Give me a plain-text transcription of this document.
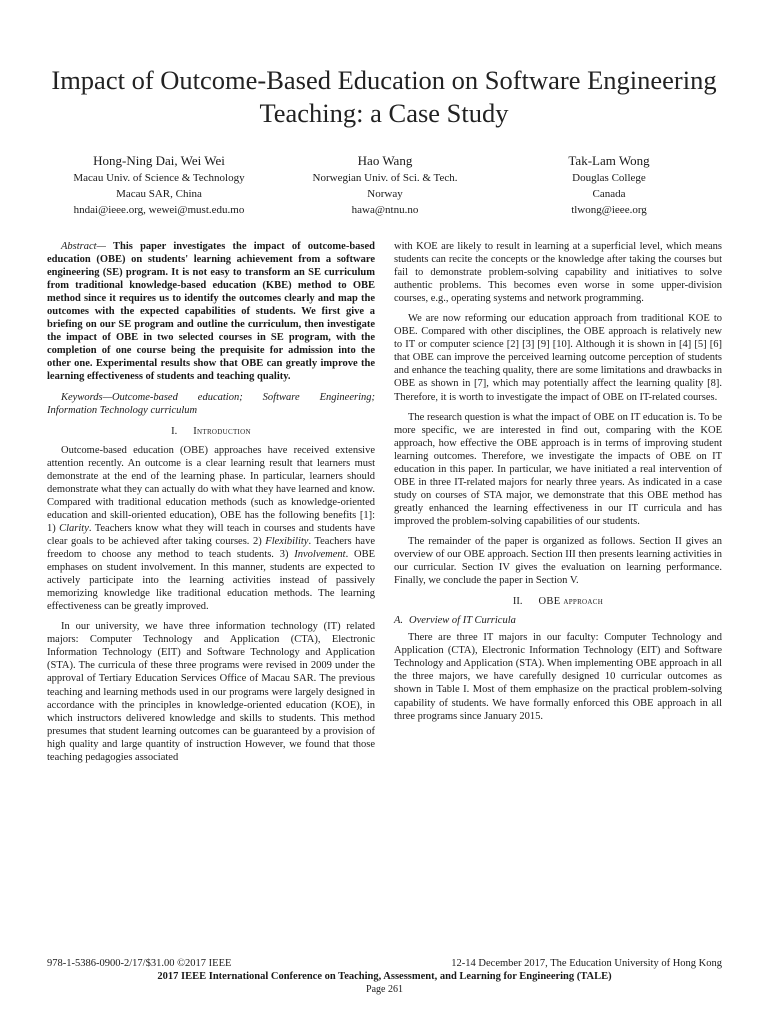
Impact of Outcome-Based Education on Software Engineering Teaching: a Case Study
Hong-Ning Dai, Wei Wei
Macau Univ. of Science & Technology
Macau SAR, China
hndai@ieee.org, wewei@must.edu.mo
Hao Wang
Norwegian Univ. of Sci. & Tech.
Norway
hawa@ntnu.no
Tak-Lam Wong
Douglas College
Canada
tlwong@ieee.org

Abstract— This paper investigates the impact of outcome-based education (OBE) on students' learning achievement from a software engineering (SE) program. It is not easy to transform an SE curriculum from traditional knowledge-based education (KBE) method to OBE method since it requires us to identify the outcomes clearly and map the outcomes with the expected capabilities of students. We first give a briefing on our SE program and outline the curriculum, then investigate the impact of OBE in two selected courses in SE program, with the completion of one course being the prequisite for admission into the other one. Experimental results show that OBE can greatly improve the learning effectiveness of students and teaching quality.

Keywords—Outcome-based education; Software Engineering; Information Technology curriculum

I. Introduction

Outcome-based education (OBE) approaches have received extensive attention recently. An outcome is a clear learning result that learners must demonstrate at the end of the learning phase. In particular, learners should demonstrate what they can actually do with what they have learned and know. Compared with traditional education methods (such as knowledge-oriented education and skill-oriented education), OBE has the following benefits [1]: 1) Clarity. Teachers know what they will teach in courses and students have clear goals to be achieved after taking courses. 2) Flexibility. Teachers have freedom to choose any method to teach students. 3) Involvement. OBE emphases on student involvement. In this manner, students are expected to actively participate into the learning activities instead of passively memorizing knowledge like traditional education methods. The learning effectiveness can be greatly improved.

In our university, we have three information technology (IT) related majors: Computer Technology and Application (CTA), Electronic Information Technology (EIT) and Software Technology and Application (STA). The curricula of these three programs were revised in 2009 under the approval of Tertiary Education Services Office of Macau SAR. The previous teaching and learning methods used in our programs were largely designed in accordance with the principles in knowledge-oriented education (KOE), in which instructors delivered knowledge and skills to students. This method presumes that student learning outcomes can be guaranteed by a provision of high quality and large quantity of instruction However, we found that those teaching pedagogies associated

with KOE are likely to result in learning at a superficial level, which means students can recite the concepts or the knowledge after taking the courses but fail to demonstrate problem-solving capability and initiatives to solve authentic problems. This becomes even worse in some upper-division courses, e.g., operating systems and network programming.

We are now reforming our education approach from traditional KOE to OBE. Compared with other disciplines, the OBE approach is relatively new to IT or computer science [2] [3] [9] [10]. Although it is shown in [4] [5] [6] that OBE can improve the perceived learning outcome perception of students and enhance the teaching quality, there are some limitations and drawbacks in OBE as shown in [7], which may potentially affect the learning quality [8]. Therefore, it is worth to investigate the impact of OBE on IT-related courses.

The research question is what the impact of OBE on IT education is. To be more specific, we are interested in find out, comparing with the KOE approach, how effective the OBE approach is in terms of improving student learning outcomes. Therefore, we investigate the impacts of OBE on IT education in this paper. In particular, we have initiated a real intervention of OBE in three IT-related majors for nearly three years. As indicated in a case study on courses of STA major, we demonstrate that this OBE method has greatly enhanced the learning effectiveness in our IT curricula and has improved the problem-solving capabilities of our students.

The remainder of the paper is organized as follows. Section II gives an overview of our OBE approach. Section III then presents learning activities in our curricular. Section IV gives the evaluation on learning performance. Finally, we conclude the paper in Section V.

II. OBE approach
A. Overview of IT Curricula

There are three IT majors in our faculty: Computer Technology and Application (CTA), Electronic Information Technology (EIT) and Software Technology and Application (STA). When implementing OBE approach in all the three majors, we have carefully designed 10 curricular outcomes as shown in Table I. Most of them emphasize on the practical problem-solving capability of students. We have formally enforced this OBE approach in all three programs since January 2015.

978-1-5386-0900-2/17/$31.00 ©2017 IEEE	12-14 December 2017, The Education University of Hong Kong
2017 IEEE International Conference on Teaching, Assessment, and Learning for Engineering (TALE)
Page 261
